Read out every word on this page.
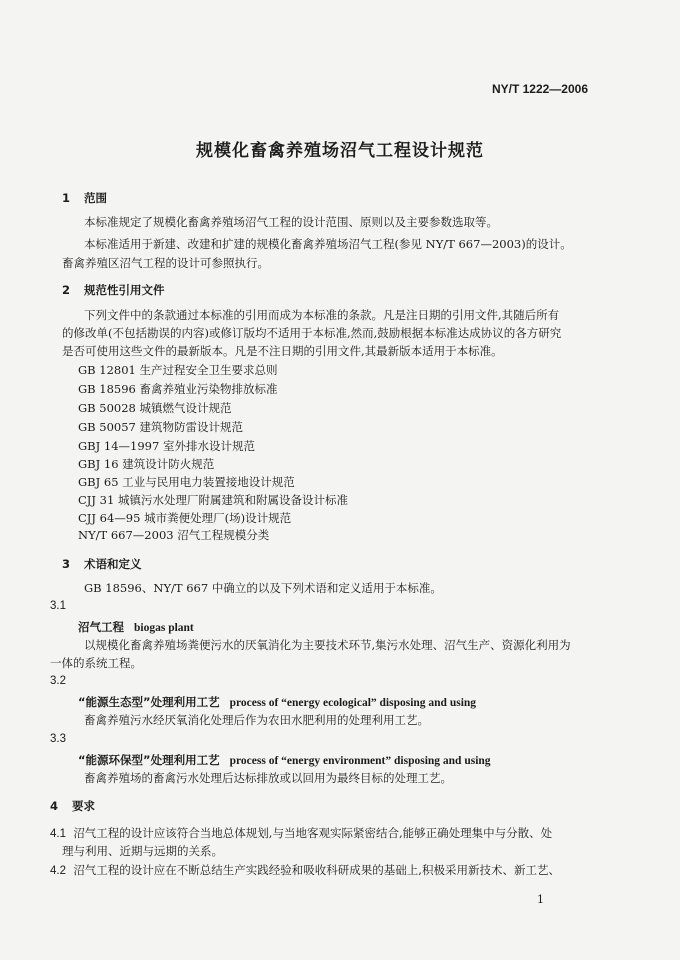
NY/T 1222—2006
规模化畜禽养殖场沼气工程设计规范
1 范围
本标准规定了规模化畜禽养殖场沼气工程的设计范围、原则以及主要参数选取等。
本标准适用于新建、改建和扩建的规模化畜禽养殖场沼气工程(参见 NY/T 667—2003)的设计。
畜禽养殖区沼气工程的设计可参照执行。
2 规范性引用文件
下列文件中的条款通过本标准的引用而成为本标准的条款。凡是注日期的引用文件,其随后所有
的修改单(不包括勘误的内容)或修订版均不适用于本标准,然而,鼓励根据本标准达成协议的各方研究
是否可使用这些文件的最新版本。凡是不注日期的引用文件,其最新版本适用于本标准。
GB 12801 生产过程安全卫生要求总则
GB 18596 畜禽养殖业污染物排放标准
GB 50028 城镇燃气设计规范
GB 50057 建筑物防雷设计规范
GBJ 14—1997 室外排水设计规范
GBJ 16 建筑设计防火规范
GBJ 65 工业与民用电力装置接地设计规范
CJJ 31 城镇污水处理厂附属建筑和附属设备设计标准
CJJ 64—95 城市粪便处理厂(场)设计规范
NY/T 667—2003 沼气工程规模分类
3 术语和定义
GB 18596、NY/T 667 中确立的以及下列术语和定义适用于本标准。
3.1
沼气工程 biogas plant
以规模化畜禽养殖场粪便污水的厌氧消化为主要技术环节,集污水处理、沼气生产、资源化利用为
一体的系统工程。
3.2
“能源生态型”处理利用工艺 process of “energy ecological” disposing and using
畜禽养殖污水经厌氧消化处理后作为农田水肥利用的处理利用工艺。
3.3
“能源环保型”处理利用工艺 process of “energy environment” disposing and using
畜禽养殖场的畜禽污水处理后达标排放或以回用为最终目标的处理工艺。
4 要求
4.1 沼气工程的设计应该符合当地总体规划,与当地客观实际紧密结合,能够正确处理集中与分散、处
理与利用、近期与远期的关系。
4.2 沼气工程的设计应在不断总结生产实践经验和吸收科研成果的基础上,积极采用新技术、新工艺、
1
